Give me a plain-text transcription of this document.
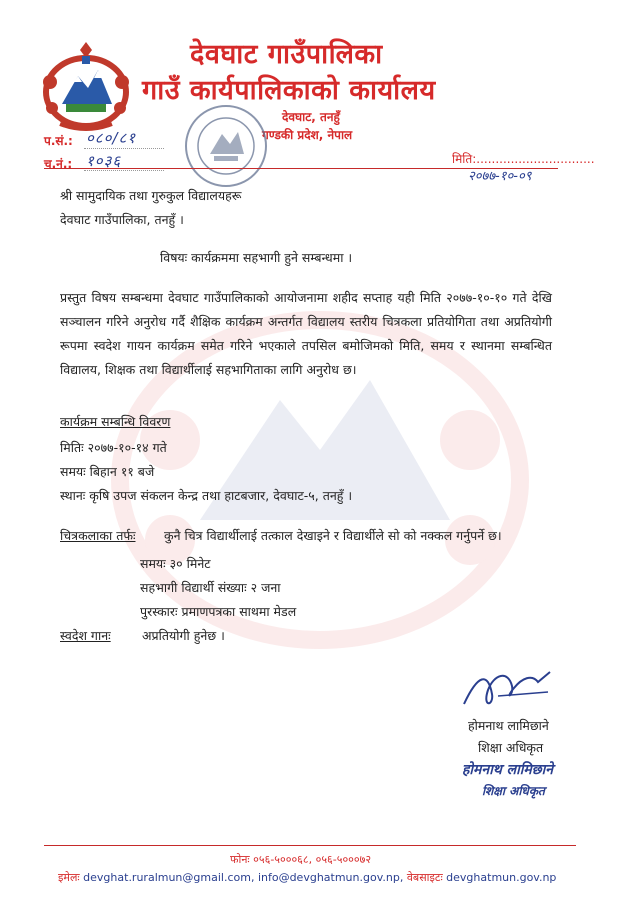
देवघाट गाउँपालिका
गाउँ कार्यपालिकाको कार्यालय
देवघाट, तनहुँ
गण्डकी प्रदेश, नेपाल
प.सं.: ०८०/८१
च.नं.: १०३६	मिति:...............................
२०७७-१०-०९
श्री सामुदायिक तथा गुरुकुल विद्यालयहरू
देवघाट गाउँपालिका, तनहुँ ।
विषयः कार्यक्रममा सहभागी हुने सम्बन्धमा ।
प्रस्तुत विषय सम्बन्धमा देवघाट गाउँपालिकाको आयोजनामा शहीद सप्ताह यही मिति २०७७-१०-१० गते देखि सञ्चालन गरिने अनुरोध गर्दै शैक्षिक कार्यक्रम अन्तर्गत विद्यालय स्तरीय चित्रकला प्रतियोगिता तथा अप्रतियोगी रूपमा स्वदेश गायन कार्यक्रम समेत गरिने भएकाले तपसिल बमोजिमको मिति, समय र स्थानमा सम्बन्धित विद्यालय, शिक्षक तथा विद्यार्थीलाई सहभागिताका लागि अनुरोध छ।
कार्यक्रम सम्बन्धि विवरण
मितिः २०७७-१०-१४ गते
समयः बिहान ११ बजे
स्थानः कृषि उपज संकलन केन्द्र तथा हाटबजार, देवघाट-५, तनहुँ ।
चित्रकलाका तर्फः कुनै चित्र विद्यार्थीलाई तत्काल देखाइने र विद्यार्थीले सो को नक्कल गर्नुपर्ने छ।
समयः ३० मिनेट
सहभागी विद्यार्थी संख्याः २ जना
पुरस्कारः प्रमाणपत्रका साथमा मेडल
स्वदेश गानः	अप्रतियोगी हुनेछ ।
होमनाथ लामिछाने
शिक्षा अधिकृत
होमनाथ लामिछाने
शिक्षा अधिकृत
फोनः ०५६-५०००६८, ०५६-५०००७२
इमेलः devghat.ruralmun@gmail.com, info@devghatmun.gov.np, वेबसाइटः devghatmun.gov.np
